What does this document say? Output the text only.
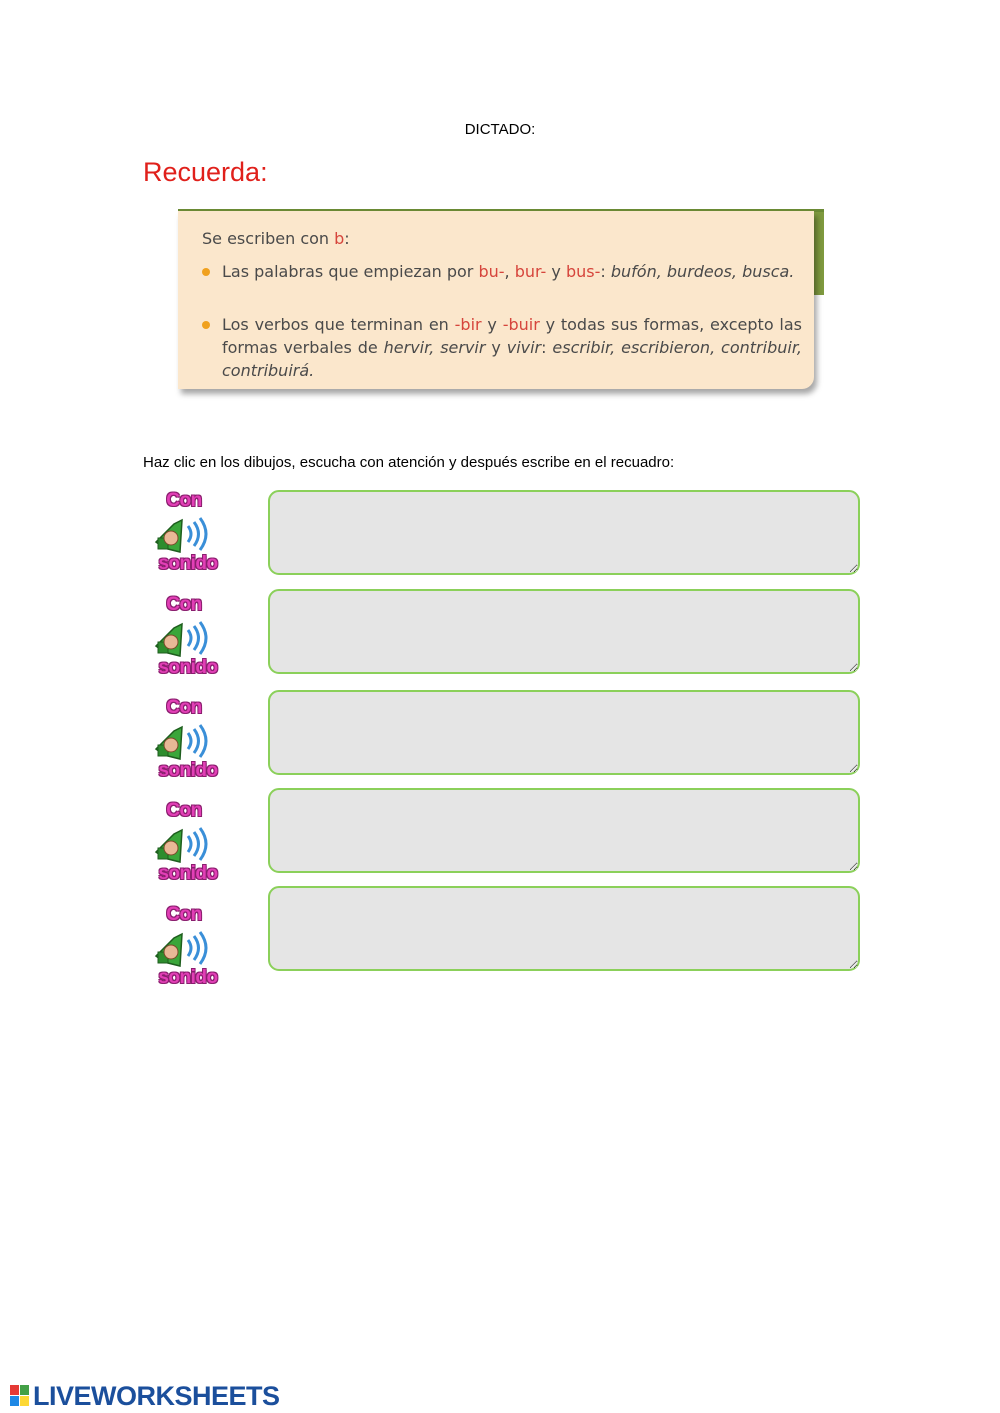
DICTADO:
Recuerda:
Se escriben con b:
Las palabras que empiezan por bu-, bur- y bus-: bufón, burdeos, busca.
Los verbos que terminan en -bir y -buir y todas sus formas, excepto las formas verbales de hervir, servir y vivir: escribir, escribieron, contribuir, contribuirá.
Haz clic en los dibujos, escucha con atención y después escribe en el recuadro:
Con
sonido
Con
sonido
Con
sonido
Con
sonido
Con
sonido
LIVEWORKSHEETS
